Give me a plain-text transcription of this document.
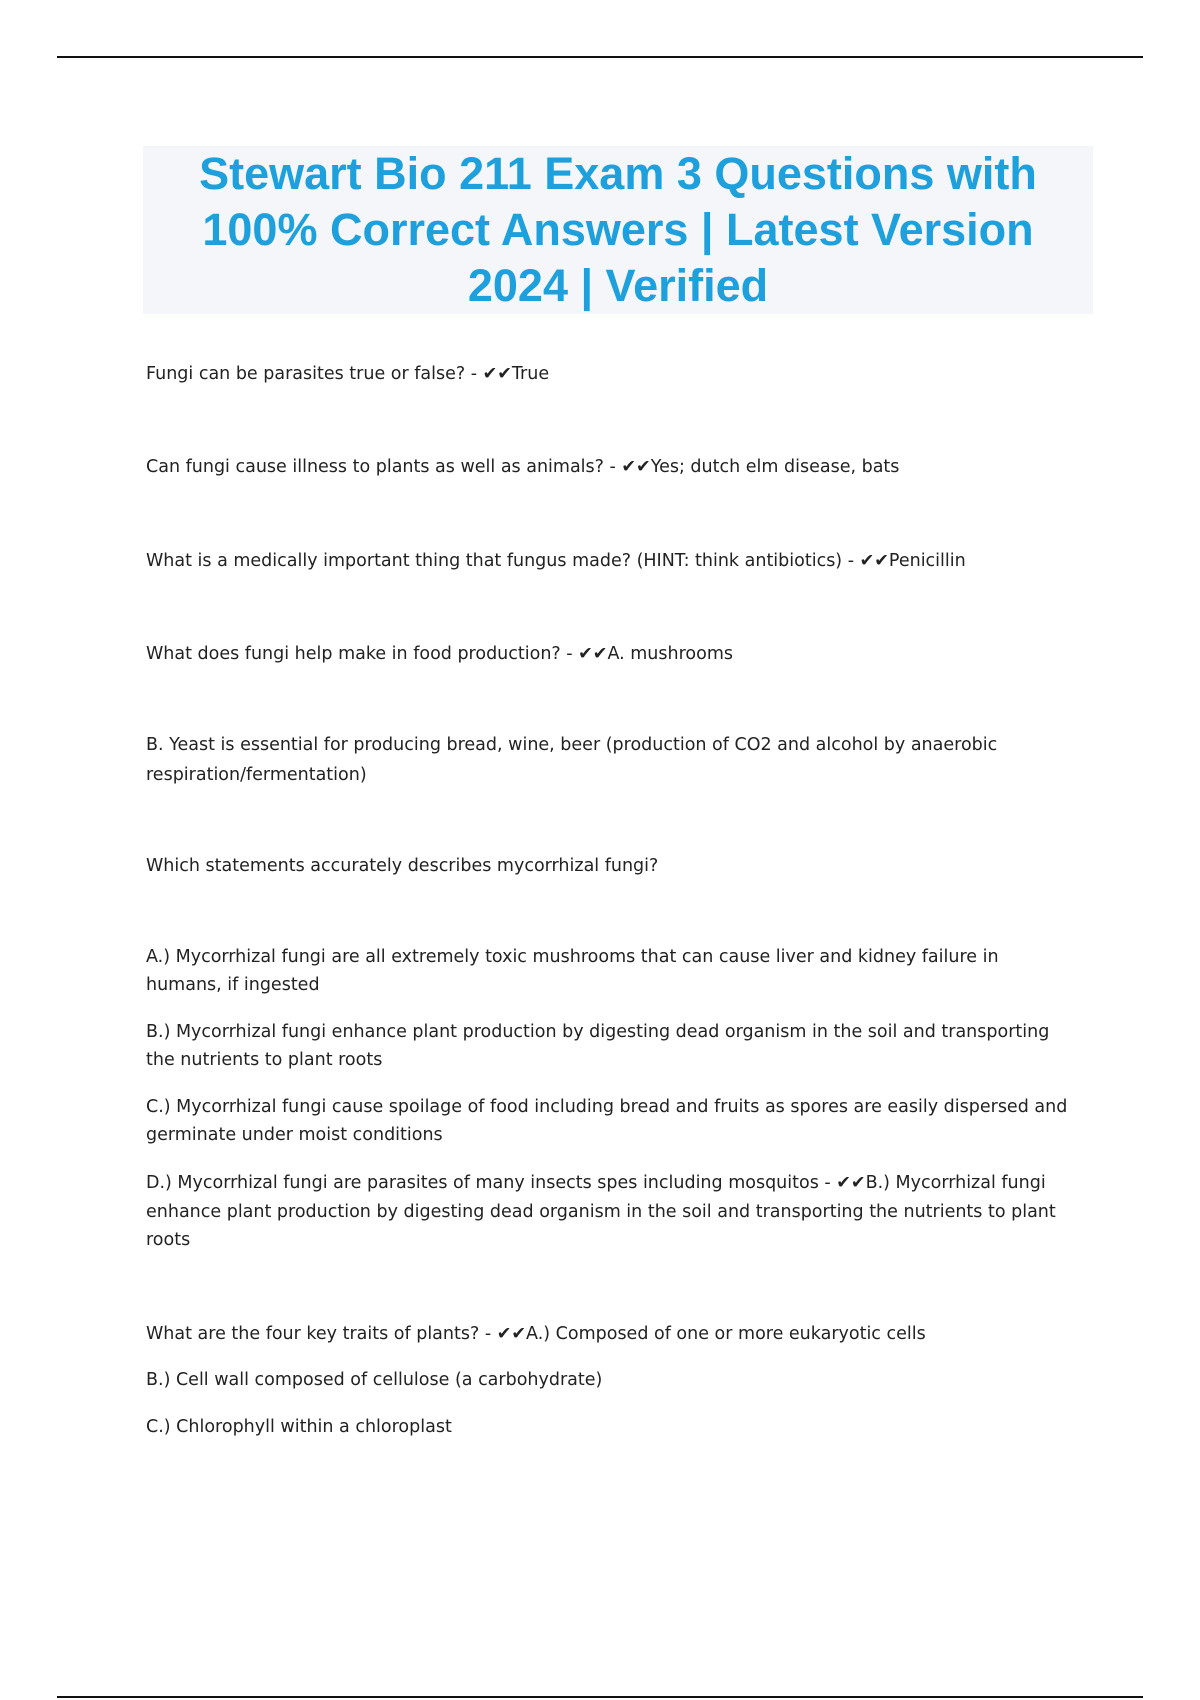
Stewart Bio 211 Exam 3 Questions with
100% Correct Answers | Latest Version
2024 | Verified

Fungi can be parasites true or false? - ✔✔True

Can fungi cause illness to plants as well as animals? - ✔✔Yes; dutch elm disease, bats

What is a medically important thing that fungus made? (HINT: think antibiotics) - ✔✔Penicillin

What does fungi help make in food production? - ✔✔A. mushrooms

B. Yeast is essential for producing bread, wine, beer (production of CO2 and alcohol by anaerobic

respiration/fermentation)

Which statements accurately describes mycorrhizal fungi?

A.) Mycorrhizal fungi are all extremely toxic mushrooms that can cause liver and kidney failure in

humans, if ingested

B.) Mycorrhizal fungi enhance plant production by digesting dead organism in the soil and transporting

the nutrients to plant roots

C.) Mycorrhizal fungi cause spoilage of food including bread and fruits as spores are easily dispersed and

germinate under moist conditions

D.) Mycorrhizal fungi are parasites of many insects spes including mosquitos - ✔✔B.) Mycorrhizal fungi

enhance plant production by digesting dead organism in the soil and transporting the nutrients to plant

roots

What are the four key traits of plants? - ✔✔A.) Composed of one or more eukaryotic cells

B.) Cell wall composed of cellulose (a carbohydrate)

C.) Chlorophyll within a chloroplast
